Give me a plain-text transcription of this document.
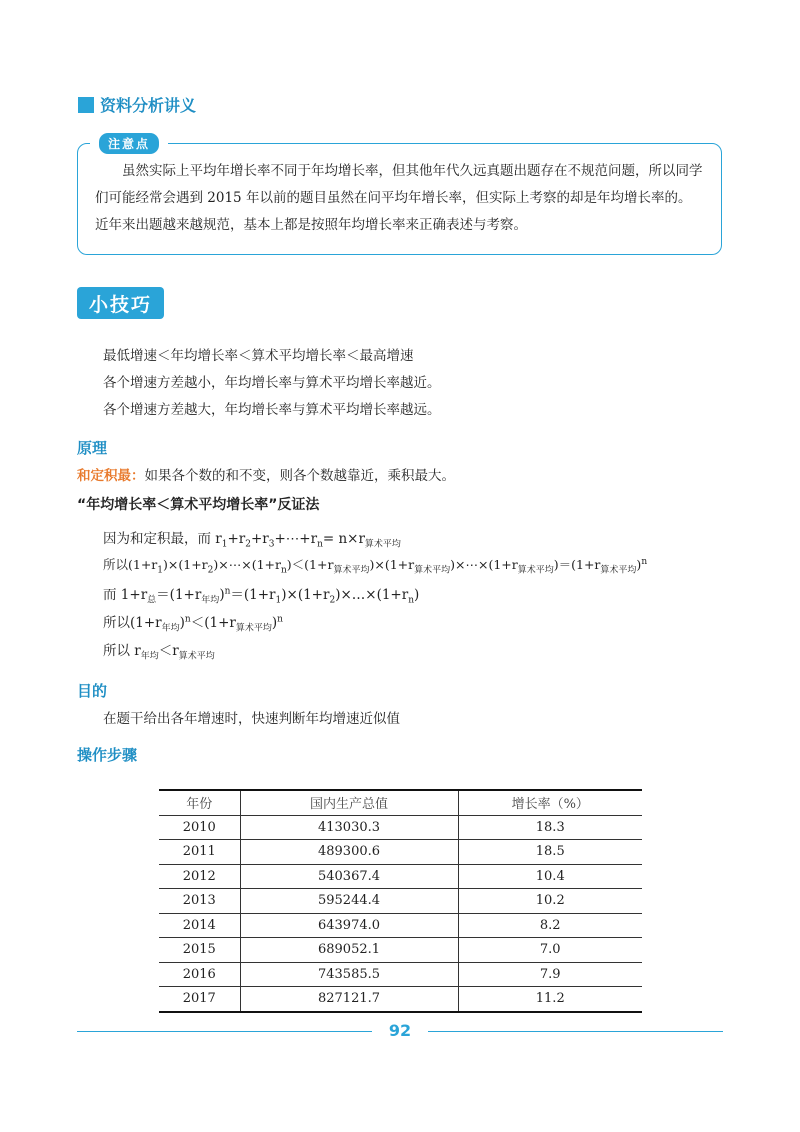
资料分析讲义
注意点

虽然实际上平均年增长率不同于年均增长率，但其他年代久远真题出题存在不规范问题，所以同学们可能经常会遇到 2015 年以前的题目虽然在问平均年增长率，但实际上考察的却是年均增长率的。

近年来出题越来越规范，基本上都是按照年均增长率来正确表述与考察。

小技巧
最低增速＜年均增长率＜算术平均增长率＜最高增速
各个增速方差越小，年均增长率与算术平均增长率越近。
各个增速方差越大，年均增长率与算术平均增长率越远。
原理
和定积最：如果各个数的和不变，则各个数越靠近，乘积最大。
“年均增长率＜算术平均增长率”反证法
因为和定积最，而 $r_1+r_2+r_3+\cdots+r_n= n\times r_{算术平均}$
所以$(1+r_1)\times(1+r_2)\times\cdots\times(1+r_n)<(1+r_{算术平均})\times(1+r_{算术平均})\times\cdots\times(1+r_{算术平均})=(1+r_{算术平均})^n$
而 $1+r_总=(1+r_{年均})^n=(1+r_1)\times(1+r_2)\times\dots\times(1+r_n)$
所以$(1+r_{年均})^n<(1+r_{算术平均})^n$
所以 $r_{年均}<r_{算术平均}$
目的
在题干给出各年增速时，快速判断年均增速近似值
操作步骤
年份	国内生产总值	增长率（%）
2010	413030.3	18.3
2011	489300.6	18.5
2012	540367.4	10.4
2013	595244.4	10.2
2014	643974.0	8.2
2015	689052.1	7.0
2016	743585.5	7.9
2017	827121.7	11.2
92
